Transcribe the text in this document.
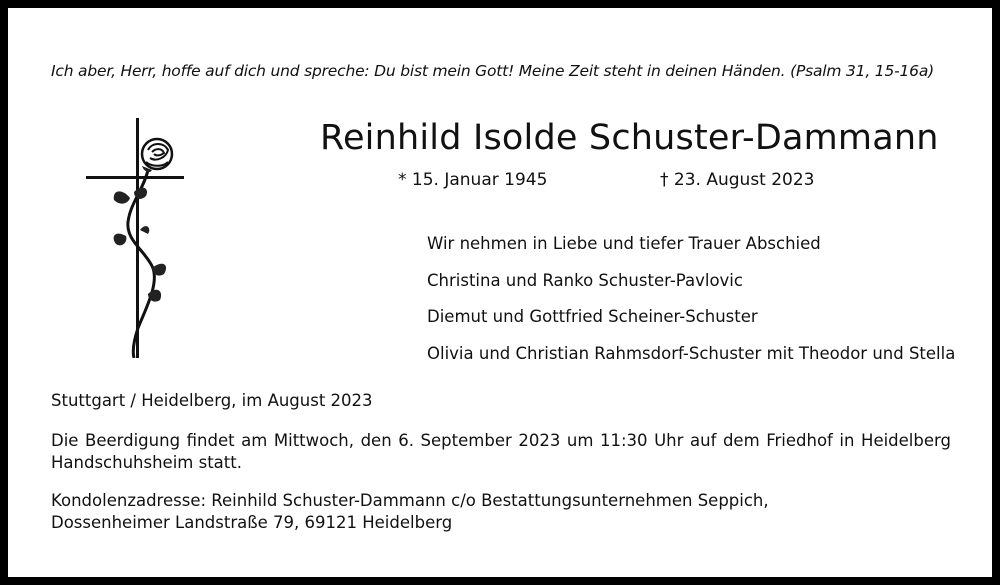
Ich aber, Herr, hoffe auf dich und spreche: Du bist mein Gott! Meine Zeit steht in deinen Händen. (Psalm 31, 15-16a)
Reinhild Isolde Schuster-Dammann
* 15. Januar 1945	† 23. August 2023
Wir nehmen in Liebe und tiefer Trauer Abschied
Christina und Ranko Schuster-Pavlovic
Diemut und Gottfried Scheiner-Schuster
Olivia und Christian Rahmsdorf-Schuster mit Theodor und Stella
Stuttgart / Heidelberg, im August 2023
Die Beerdigung findet am Mittwoch, den 6. September 2023 um 11:30 Uhr auf dem Friedhof in Heidelberg
Handschuhsheim statt.
Kondolenzadresse: Reinhild Schuster-Dammann c/o Bestattungsunternehmen Seppich,
Dossenheimer Landstraße 79, 69121 Heidelberg
